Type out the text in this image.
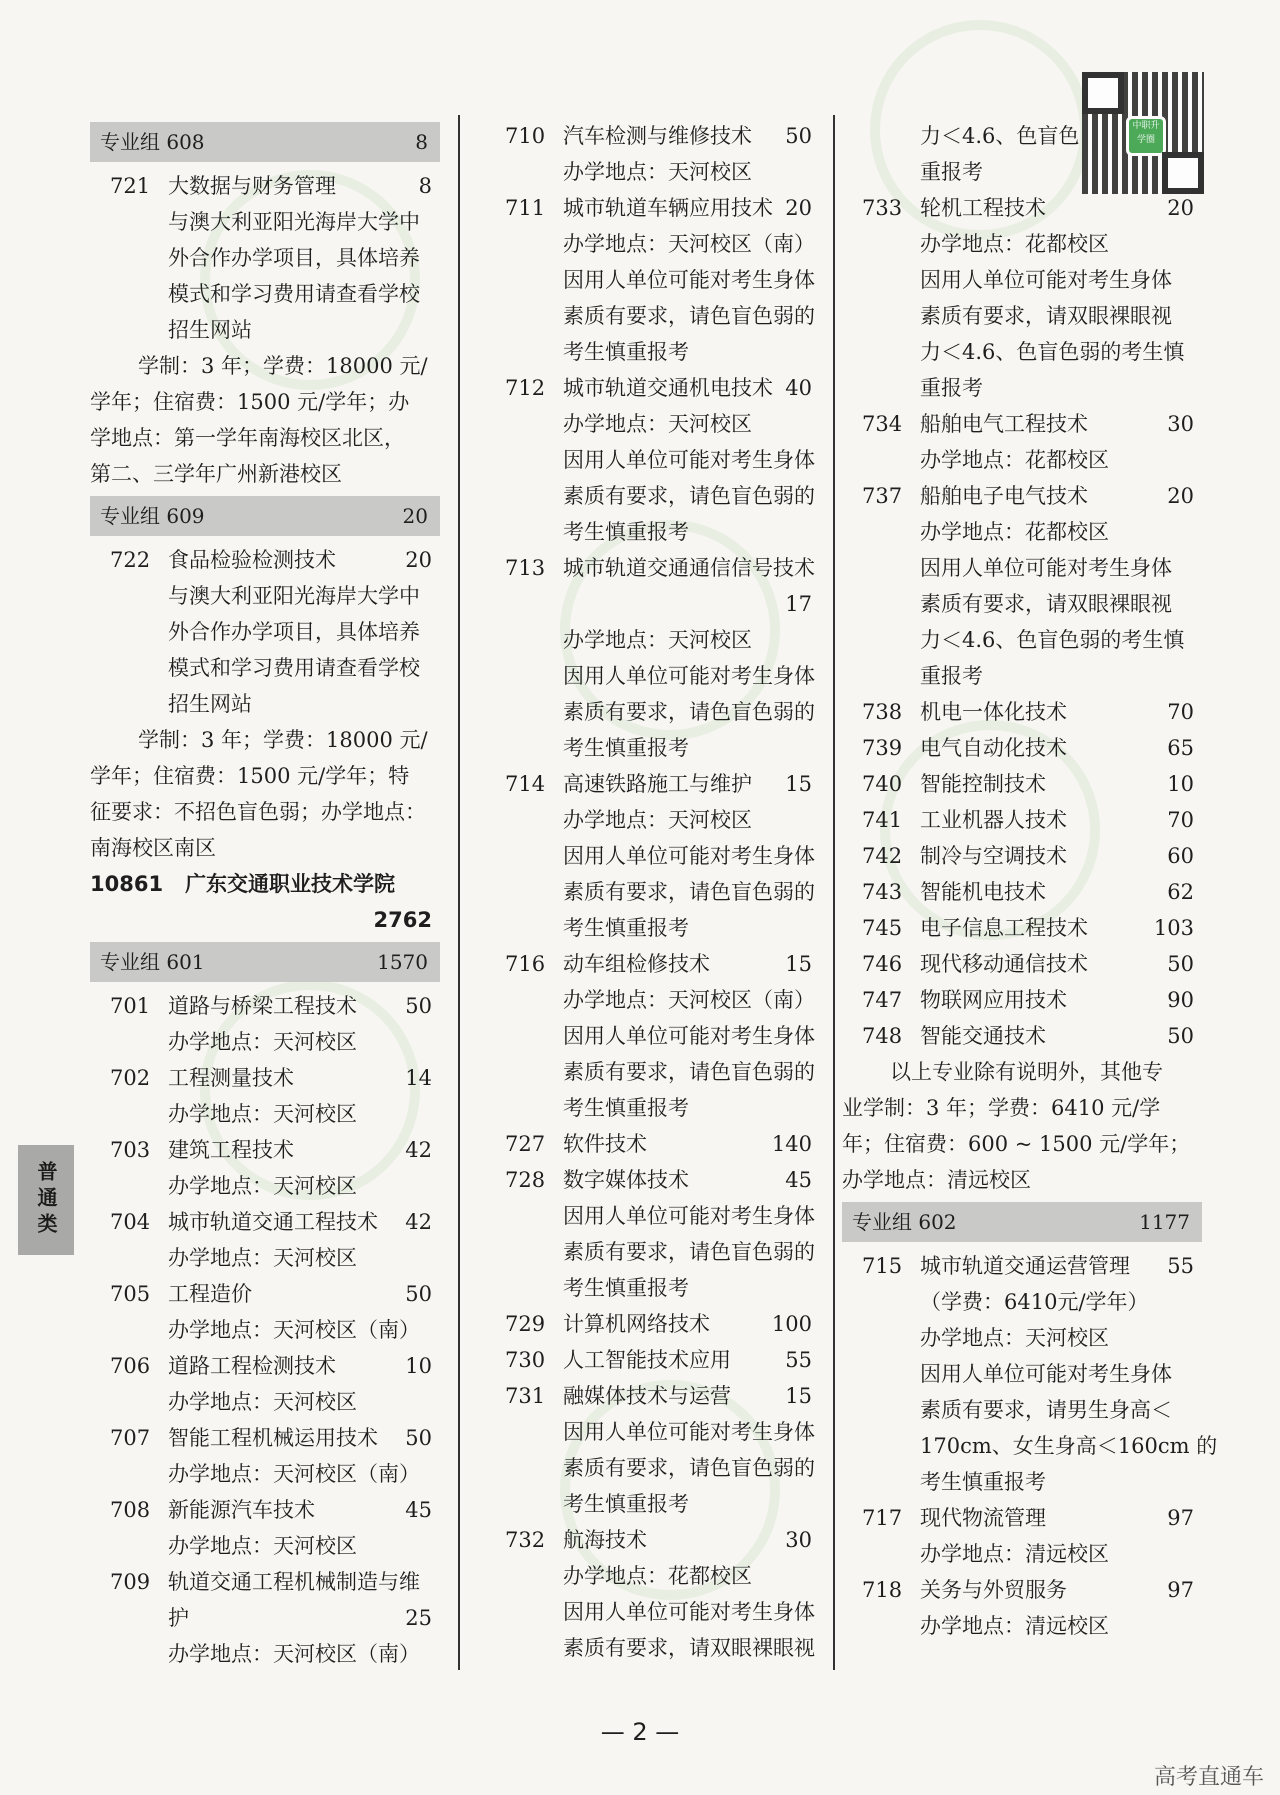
中职升学圈
普通类
专业组 608	8
721 大数据与财务管理	8
与澳大利亚阳光海岸大学中
外合作办学项目，具体培养
模式和学习费用请查看学校
招生网站
学制：3 年；学费：18000 元/
学年；住宿费：1500 元/学年；办
学地点：第一学年南海校区北区，
第二、三学年广州新港校区
专业组 609	20
722 食品检验检测技术	20
与澳大利亚阳光海岸大学中
外合作办学项目，具体培养
模式和学习费用请查看学校
招生网站
学制：3 年；学费：18000 元/
学年；住宿费：1500 元/学年；特
征要求：不招色盲色弱；办学地点：
南海校区南区
10861 广东交通职业技术学院
2762
专业组 601	1570
701 道路与桥梁工程技术 50
办学地点：天河校区
702 工程测量技术	14
办学地点：天河校区
703 建筑工程技术	42
办学地点：天河校区
704 城市轨道交通工程技术 42
办学地点：天河校区
705 工程造价	50
办学地点：天河校区（南）
706 道路工程检测技术	10
办学地点：天河校区
707 智能工程机械运用技术 50
办学地点：天河校区（南）
708 新能源汽车技术	45
办学地点：天河校区
709 轨道交通工程机械制造与维
护	25
办学地点：天河校区（南）
710 汽车检测与维修技术 50
办学地点：天河校区
711 城市轨道车辆应用技术 20
办学地点：天河校区（南）
因用人单位可能对考生身体
素质有要求，请色盲色弱的
考生慎重报考
712 城市轨道交通机电技术 40
办学地点：天河校区
因用人单位可能对考生身体
素质有要求，请色盲色弱的
考生慎重报考
713 城市轨道交通通信信号技术
17
办学地点：天河校区
因用人单位可能对考生身体
素质有要求，请色盲色弱的
考生慎重报考
714 高速铁路施工与维护 15
办学地点：天河校区
因用人单位可能对考生身体
素质有要求，请色盲色弱的
考生慎重报考
716 动车组检修技术	15
办学地点：天河校区（南）
因用人单位可能对考生身体
素质有要求，请色盲色弱的
考生慎重报考
727 软件技术	140
728 数字媒体技术	45
因用人单位可能对考生身体
素质有要求，请色盲色弱的
考生慎重报考
729 计算机网络技术	100
730 人工智能技术应用	55
731 融媒体技术与运营	15
因用人单位可能对考生身体
素质有要求，请色盲色弱的
考生慎重报考
732 航海技术	30
办学地点：花都校区
因用人单位可能对考生身体
素质有要求，请双眼裸眼视
力＜4.6、色盲色
重报考
733 轮机工程技术	20
办学地点：花都校区
因用人单位可能对考生身体
素质有要求，请双眼裸眼视
力＜4.6、色盲色弱的考生慎
重报考
734 船舶电气工程技术	30
办学地点：花都校区
737 船舶电子电气技术	20
办学地点：花都校区
因用人单位可能对考生身体
素质有要求，请双眼裸眼视
力＜4.6、色盲色弱的考生慎
重报考
738 机电一体化技术	70
739 电气自动化技术	65
740 智能控制技术	10
741 工业机器人技术	70
742 制冷与空调技术	60
743 智能机电技术	62
745 电子信息工程技术	103
746 现代移动通信技术	50
747 物联网应用技术	90
748 智能交通技术	50
以上专业除有说明外，其他专
业学制：3 年；学费：6410 元/学
年；住宿费：600 ~ 1500 元/学年；
办学地点：清远校区
专业组 602	1177
715 城市轨道交通运营管理 55
（学费：6410元/学年）
办学地点：天河校区
因用人单位可能对考生身体
素质有要求，请男生身高＜
170cm、女生身高＜160cm 的
考生慎重报考
717 现代物流管理	97
办学地点：清远校区
718 关务与外贸服务	97
办学地点：清远校区
— 2 —
高考直通车
